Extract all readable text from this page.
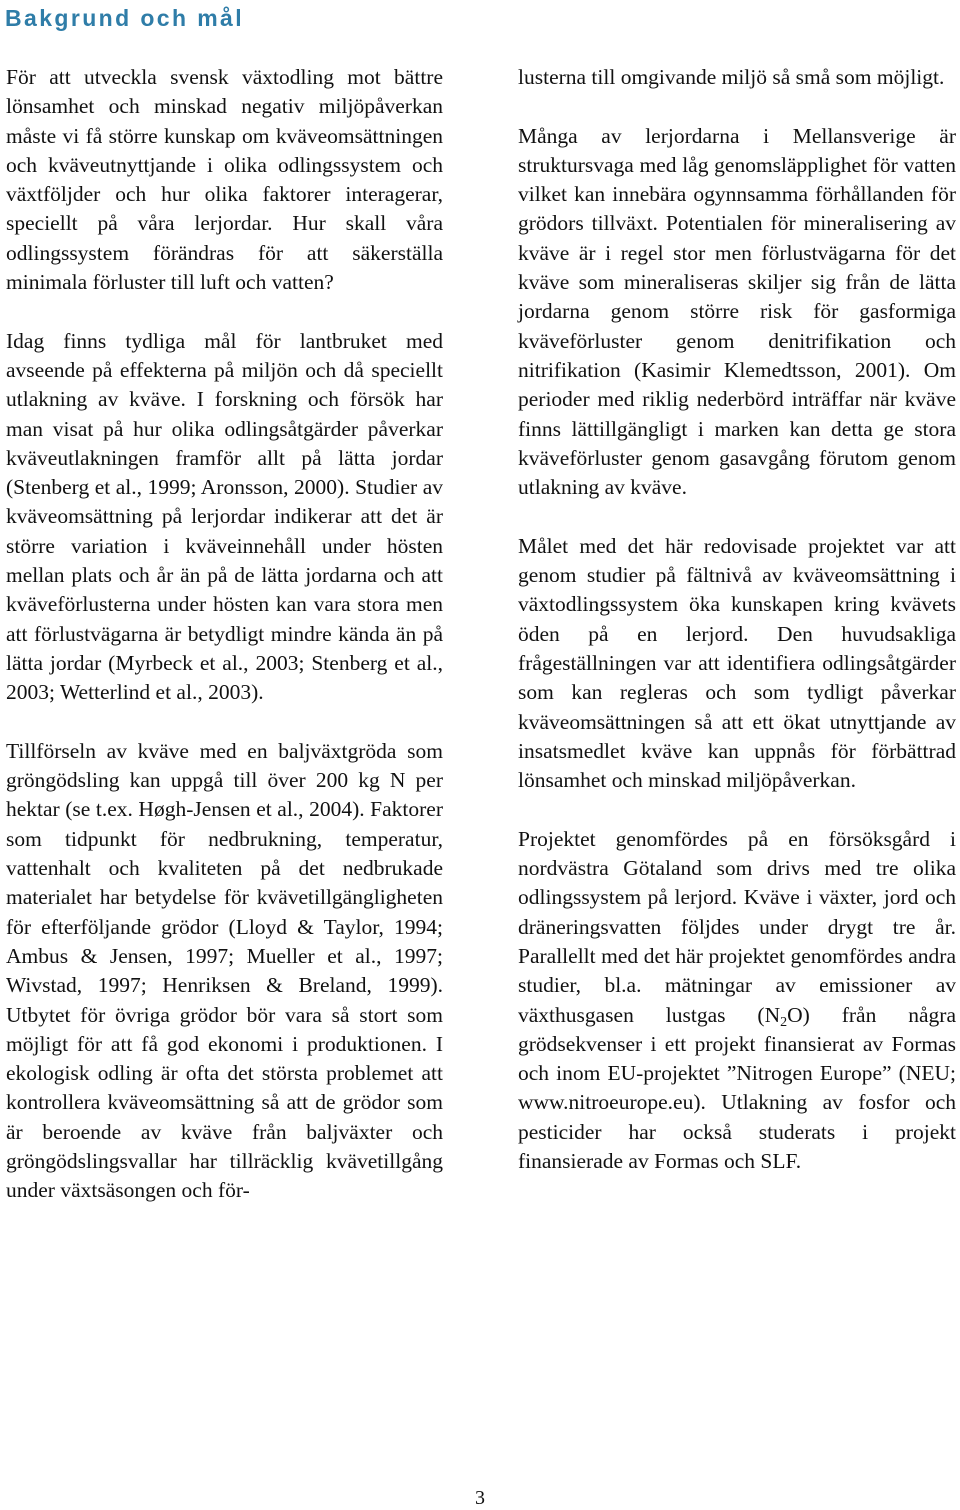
Bakgrund och mål

För att utveckla svensk växtodling mot bättre lönsamhet och minskad negativ miljöpåverkan måste vi få större kunskap om kväveomsättningen och kväveutnyttjande i olika odlingssystem och växtföljder och hur olika faktorer interagerar, speciellt på våra lerjordar. Hur skall våra odlingssystem förändras för att säkerställa minimala förluster till luft och vatten?

Idag finns tydliga mål för lantbruket med avseende på effekterna på miljön och då speciellt utlakning av kväve. I forskning och försök har man visat på hur olika odlingsåtgärder påverkar kväveutlakningen framför allt på lätta jordar (Stenberg et al., 1999; Aronsson, 2000). Studier av kväveomsättning på lerjordar indikerar att det är större variation i kväveinnehåll under hösten mellan plats och år än på de lätta jordarna och att kväveförlusterna under hösten kan vara stora men att förlustvägarna är betydligt mindre kända än på lätta jordar (Myrbeck et al., 2003; Stenberg et al., 2003; Wetterlind et al., 2003).

Tillförseln av kväve med en baljväxtgröda som gröngödsling kan uppgå till över 200 kg N per hektar (se t.ex. Høgh-Jensen et al., 2004). Faktorer som tidpunkt för nedbrukning, temperatur, vattenhalt och kvaliteten på det nedbrukade materialet har betydelse för kvävetillgängligheten för efterföljande grödor (Lloyd & Taylor, 1994; Ambus & Jensen, 1997; Mueller et al., 1997; Wivstad, 1997; Henriksen & Breland, 1999). Utbytet för övriga grödor bör vara så stort som möjligt för att få god ekonomi i produktionen. I ekologisk odling är ofta det största problemet att kontrollera kväveomsättning så att de grödor som är beroende av kväve från baljväxter och gröngödslingsvallar har tillräcklig kvävetillgång under växtsäsongen och för-

lusterna till omgivande miljö så små som möjligt.

Många av lerjordarna i Mellansverige är struktursvaga med låg genomsläpplighet för vatten vilket kan innebära ogynnsamma förhållanden för grödors tillväxt. Potentialen för mineralisering av kväve är i regel stor men förlustvägarna för det kväve som mineraliseras skiljer sig från de lätta jordarna genom större risk för gasformiga kväveförluster genom denitrifikation och nitrifikation (Kasimir Klemedtsson, 2001). Om perioder med riklig nederbörd inträffar när kväve finns lättillgängligt i marken kan detta ge stora kväveförluster genom gasavgång förutom genom utlakning av kväve.

Målet med det här redovisade projektet var att genom studier på fältnivå av kväveomsättning i växtodlingssystem öka kunskapen kring kvävets öden på en lerjord. Den huvudsakliga frågeställningen var att identifiera odlingsåtgärder som kan regleras och som tydligt påverkar kväveomsättningen så att ett ökat utnyttjande av insatsmedlet kväve kan uppnås för förbättrad lönsamhet och minskad miljöpåverkan.

Projektet genomfördes på en försöksgård i nordvästra Götaland som drivs med tre olika odlingssystem på lerjord. Kväve i växter, jord och dräneringsvatten följdes under drygt tre år. Parallellt med det här projektet genomfördes andra studier, bl.a. mätningar av emissioner av växthusgasen lustgas $(N_2O)$ från några grödsekvenser i ett projekt finansierat av Formas och inom EU-projektet ”Nitrogen Europe” (NEU; www.nitroeurope.eu). Utlakning av fosfor och pesticider har också studerats i projekt finansierade av Formas och SLF.

3
